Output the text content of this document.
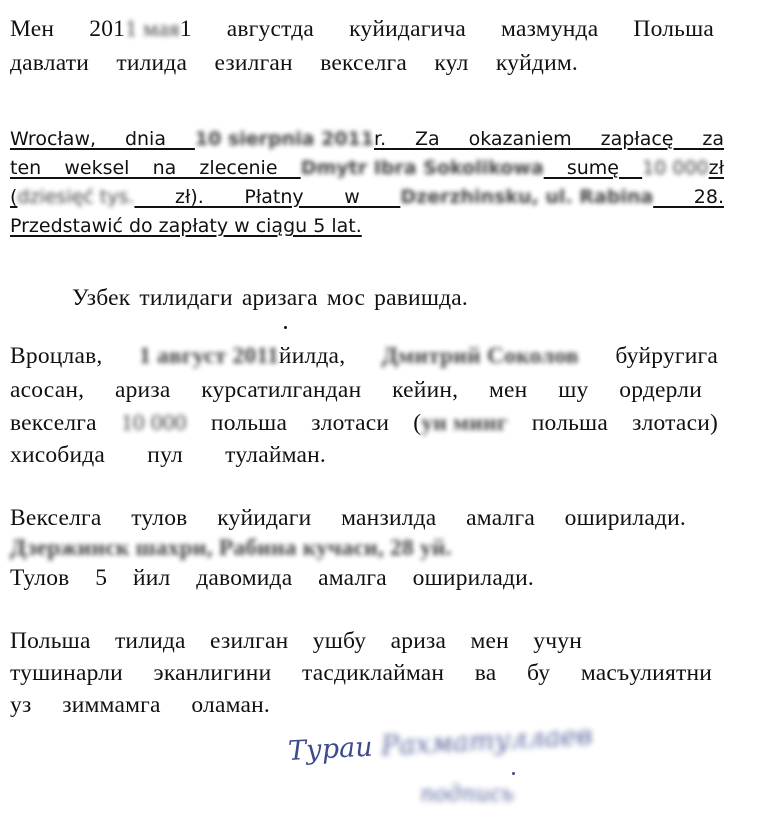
Мен 2011 мая1 августда куйидагича мазмунда Польша
давлати тилида езилган векселга кул куйдим.
Wrocław, dnia 10 sierpnia 2011r. Za okazaniem zapłacę za
ten weksel na zlecenie Dmytr Ibra Sokolikowa sumę 10 000zł
(dziesięć tys. zł). Płatny w Dzerzhinsku, ul. Rabina 28.
Przedstawić do zapłaty w ciągu 5 lat.
Узбек тилидаги аризага мос равишда.
Вроцлав, 1 август 2011йилда, Дмитрий Соколов буйругига
асосан, ариза курсатилгандан кейин, мен шу ордерли
векселга 10 000 польша злотаси (ун минг польша злотаси)
хисобида пул тулайман.
Векселга тулов куйидаги манзилда амалга оширилади.
Дзержинск шахри, Рабина кучаси, 28 уй.
Тулов 5 йил давомида амалга оширилади.
Польша тилида езилган ушбу ариза мен учун
тушинарли эканлигини тасдиклайман ва бу масъулиятни
уз зиммамга оламан.
Тураи Рахматуллаев
подпись
